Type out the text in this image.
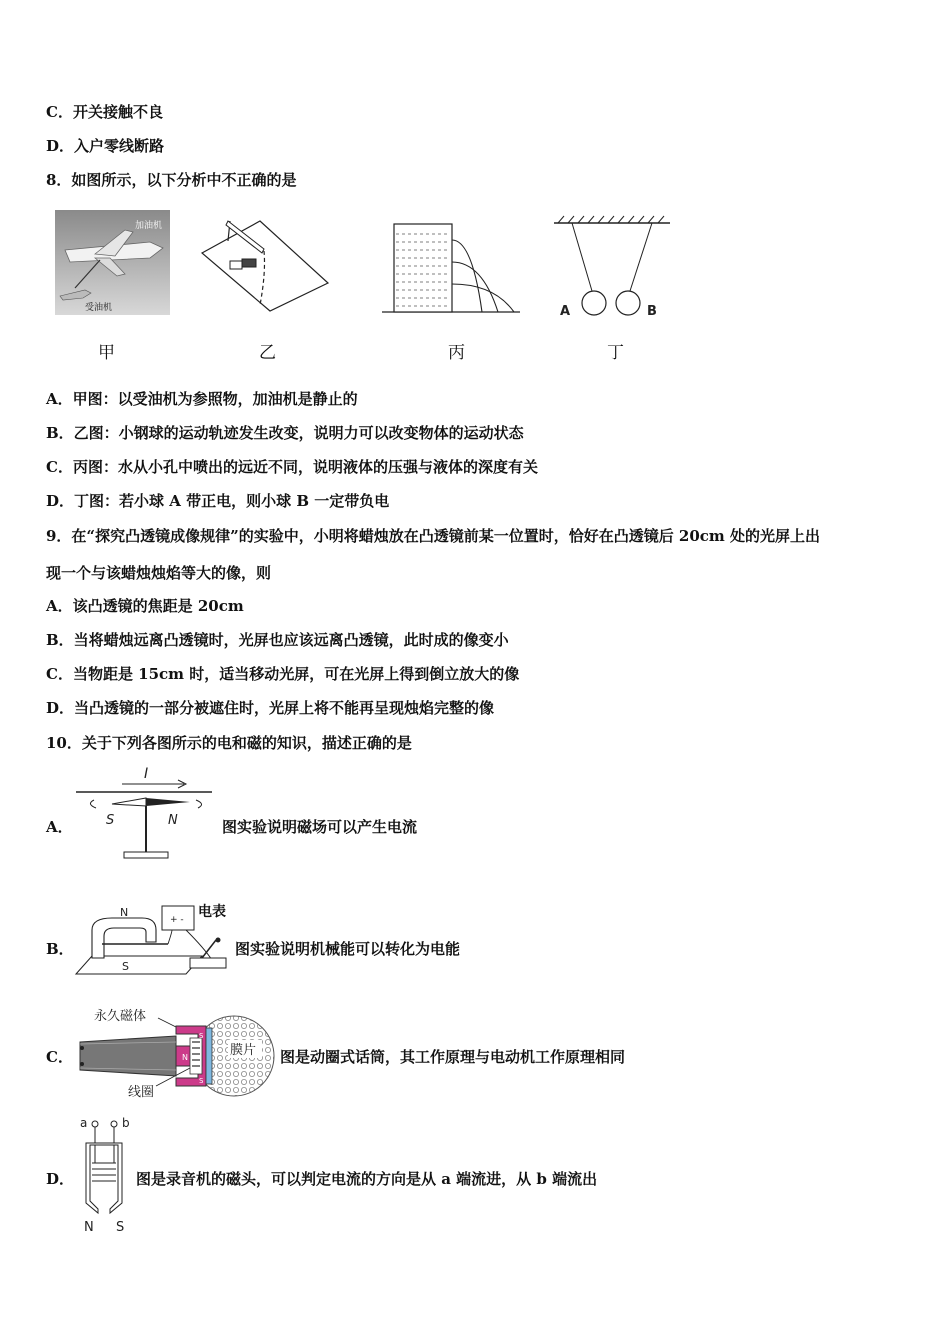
C．开关接触不良
D．入户零线断路
8．如图所示，以下分析中不正确的是
加油机
受油机
甲	乙	丙
A	B
丁
A．甲图：以受油机为参照物，加油机是静止的
B．乙图：小钢球的运动轨迹发生改变，说明力可以改变物体的运动状态
C．丙图：水从小孔中喷出的远近不同，说明液体的压强与液体的深度有关
D．丁图：若小球 A 带正电，则小球 B 一定带负电
9．在“探究凸透镜成像规律”的实验中，小明将蜡烛放在凸透镜前某一位置时，恰好在凸透镜后 20cm 处的光屏上出
现一个与该蜡烛烛焰等大的像，则
A．该凸透镜的焦距是 20cm
B．当将蜡烛远离凸透镜时，光屏也应该远离凸透镜，此时成的像变小
C．当物距是 15cm 时，适当移动光屏，可在光屏上得到倒立放大的像
D．当凸透镜的一部分被遮住时，光屏上将不能再呈现烛焰完整的像
10．关于下列各图所示的电和磁的知识，描述正确的是
A．
I
S	N	图实验说明磁场可以产生电流
B．
N
S
+ - 电表
图实验说明机械能可以转化为电能
C．
永久磁体
S
N
S
膜片
线圈
图是动圈式话筒，其工作原理与电动机工作原理相同
D．
a	b
N S
图是录音机的磁头，可以判定电流的方向是从 a 端流进，从 b 端流出
